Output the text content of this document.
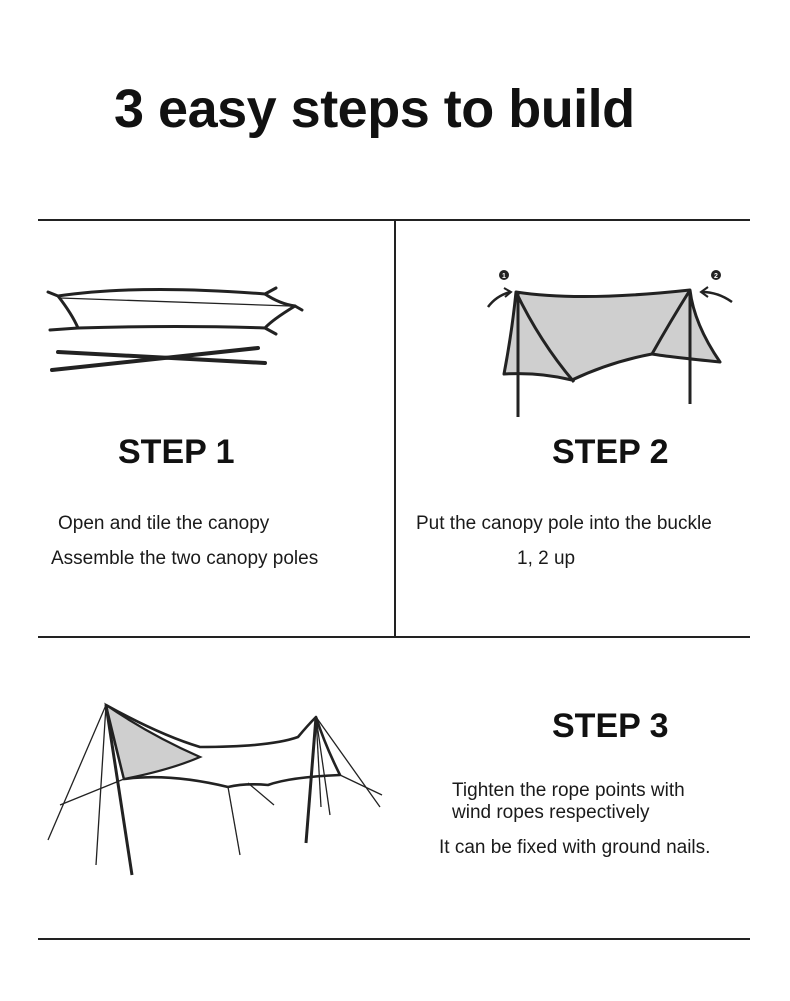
3 easy steps to build
STEP 1
Open and tile the canopy
Assemble the two canopy poles
1	2
STEP 2
Put the canopy pole into the buckle
1, 2 up
STEP 3
Tighten the rope points with
wind ropes respectively
It can be fixed with ground nails.
